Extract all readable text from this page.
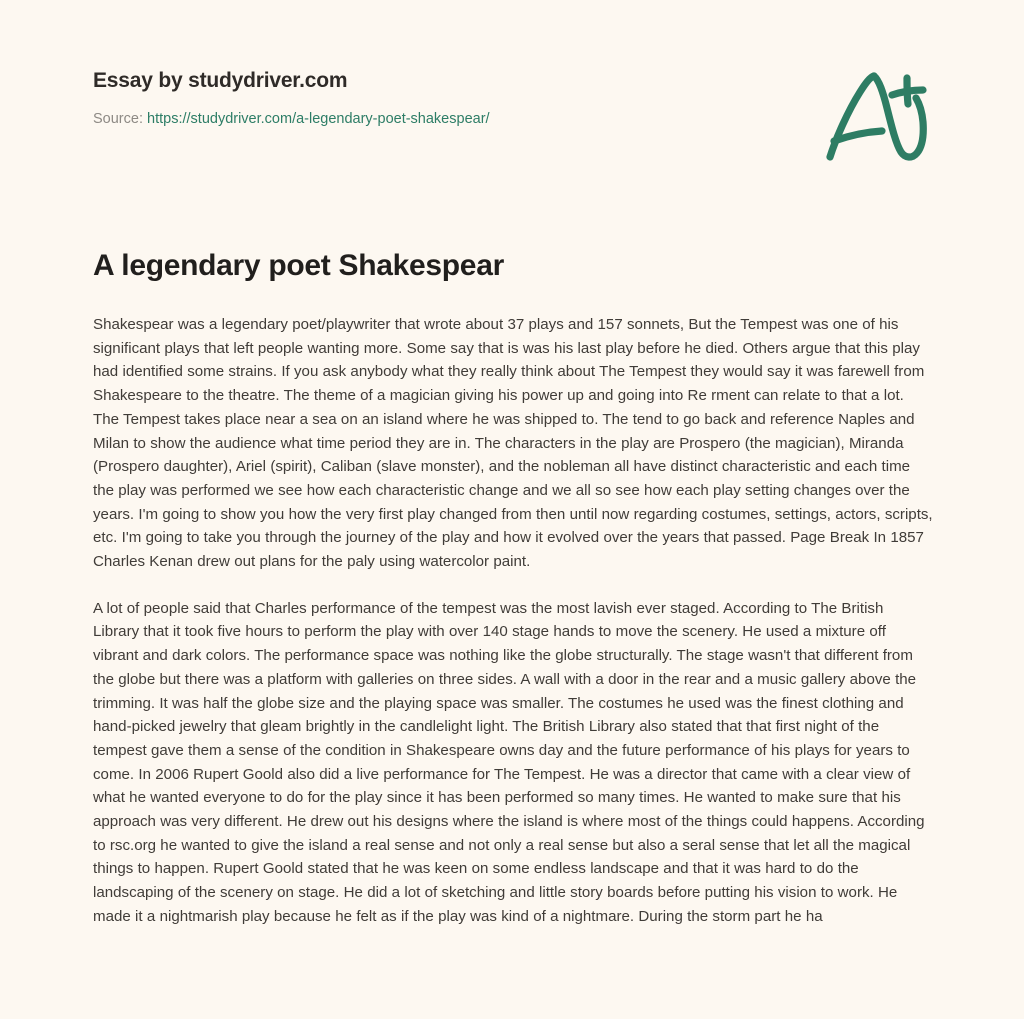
Essay by studydriver.com
Source: https://studydriver.com/a-legendary-poet-shakespear/
A legendary poet Shakespear

Shakespear was a legendary poet/playwriter that wrote about 37 plays and 157 sonnets, But the Tempest was one of his significant plays that left people wanting more. Some say that is was his last play before he died. Others argue that this play had identified some strains. If you ask anybody what they really think about The Tempest they would say it was farewell from Shakespeare to the theatre. The theme of a magician giving his power up and going into Re rment can relate to that a lot. The Tempest takes place near a sea on an island where he was shipped to. The tend to go back and reference Naples and Milan to show the audience what time period they are in. The characters in the play are Prospero (the magician), Miranda (Prospero daughter), Ariel (spirit), Caliban (slave monster), and the nobleman all have distinct characteristic and each time the play was performed we see how each characteristic change and we all so see how each play setting changes over the years. I'm going to show you how the very first play changed from then until now regarding costumes, settings, actors, scripts, etc. I'm going to take you through the journey of the play and how it evolved over the years that passed. Page Break In 1857 Charles Kenan drew out plans for the paly using watercolor paint.

A lot of people said that Charles performance of the tempest was the most lavish ever staged. According to The British Library that it took five hours to perform the play with over 140 stage hands to move the scenery. He used a mixture off vibrant and dark colors. The performance space was nothing like the globe structurally. The stage wasn't that different from the globe but there was a platform with galleries on three sides. A wall with a door in the rear and a music gallery above the trimming. It was half the globe size and the playing space was smaller. The costumes he used was the finest clothing and hand-picked jewelry that gleam brightly in the candlelight light. The British Library also stated that that first night of the tempest gave them a sense of the condition in Shakespeare owns day and the future performance of his plays for years to come. In 2006 Rupert Goold also did a live performance for The Tempest. He was a director that came with a clear view of what he wanted everyone to do for the play since it has been performed so many times. He wanted to make sure that his approach was very different. He drew out his designs where the island is where most of the things could happens. According to rsc.org he wanted to give the island a real sense and not only a real sense but also a seral sense that let all the magical things to happen. Rupert Goold stated that he was keen on some endless landscape and that it was hard to do the landscaping of the scenery on stage. He did a lot of sketching and little story boards before putting his vision to work. He made it a nightmarish play because he felt as if the play was kind of a nightmare. During the storm part he ha
